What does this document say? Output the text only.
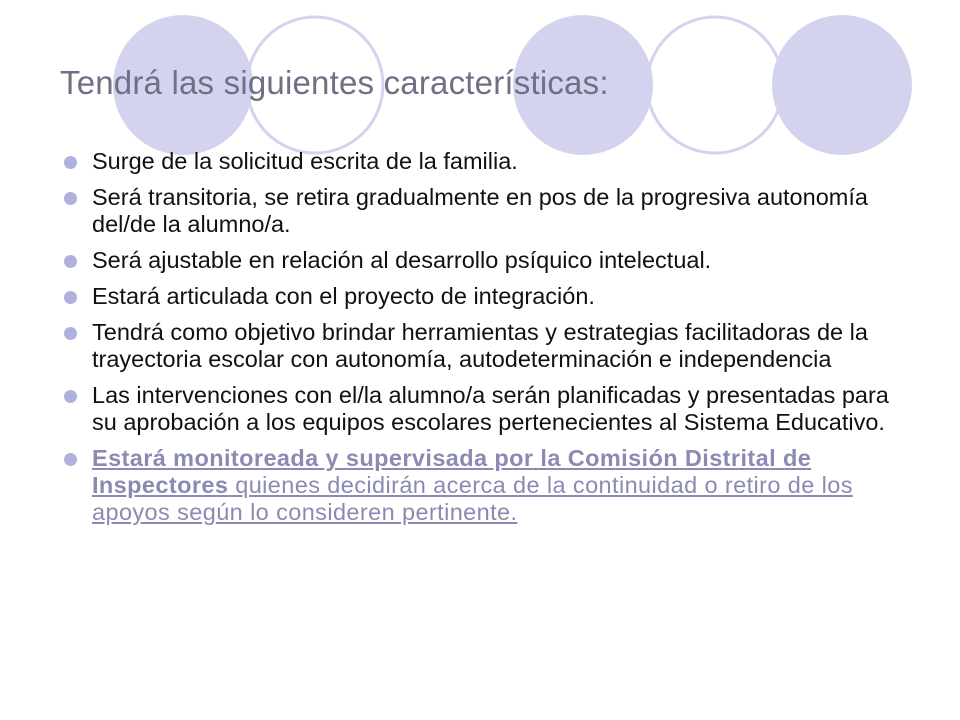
Tendrá las siguientes características:
Surge de la solicitud escrita de la familia.
Será transitoria, se retira gradualmente en pos de la progresiva autonomía del/de la alumno/a.
Será ajustable en relación al desarrollo psíquico intelectual.
Estará articulada con el proyecto de integración.
Tendrá como objetivo brindar herramientas y estrategias facilitadoras de la trayectoria escolar con autonomía, autodeterminación e independencia
Las intervenciones con el/la alumno/a serán planificadas y presentadas para su aprobación a los equipos escolares pertenecientes al Sistema Educativo.
Estará monitoreada y supervisada por la Comisión Distrital de Inspectores quienes decidirán acerca de la continuidad o retiro de los apoyos según lo consideren pertinente.
